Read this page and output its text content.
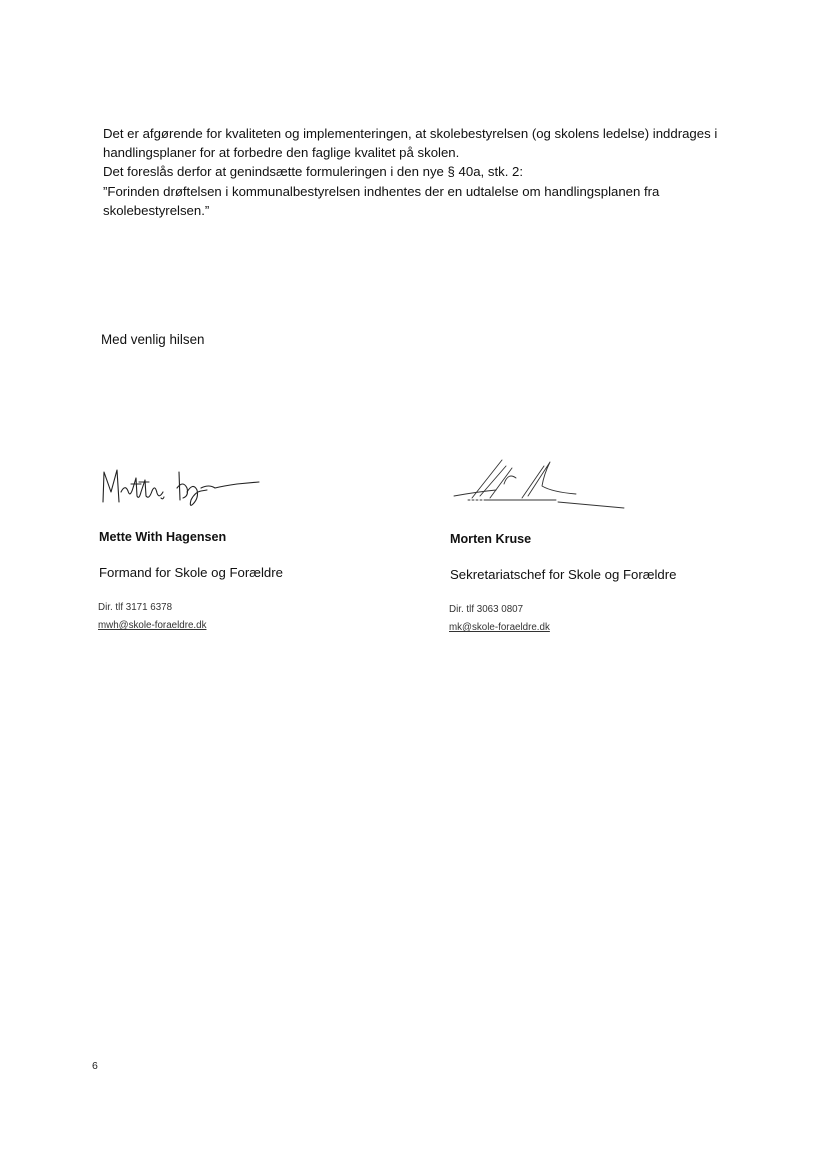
Det er afgørende for kvaliteten og implementeringen, at skolebestyrelsen (og skolens ledelse) inddrages i handlingsplaner for at forbedre den faglige kvalitet på skolen.

Det foreslås derfor at genindsætte formuleringen i den nye § 40a, stk. 2:

”Forinden drøftelsen i kommunalbestyrelsen indhentes der en udtalelse om handlingsplanen fra skolebestyrelsen.”

Med venlig hilsen
Mette With Hagensen
Formand for Skole og Forældre
Dir. tlf 3171 6378
mwh@skole-foraeldre.dk
Morten Kruse
Sekretariatschef for Skole og Forældre
Dir. tlf 3063 0807
mk@skole-foraeldre.dk
6
